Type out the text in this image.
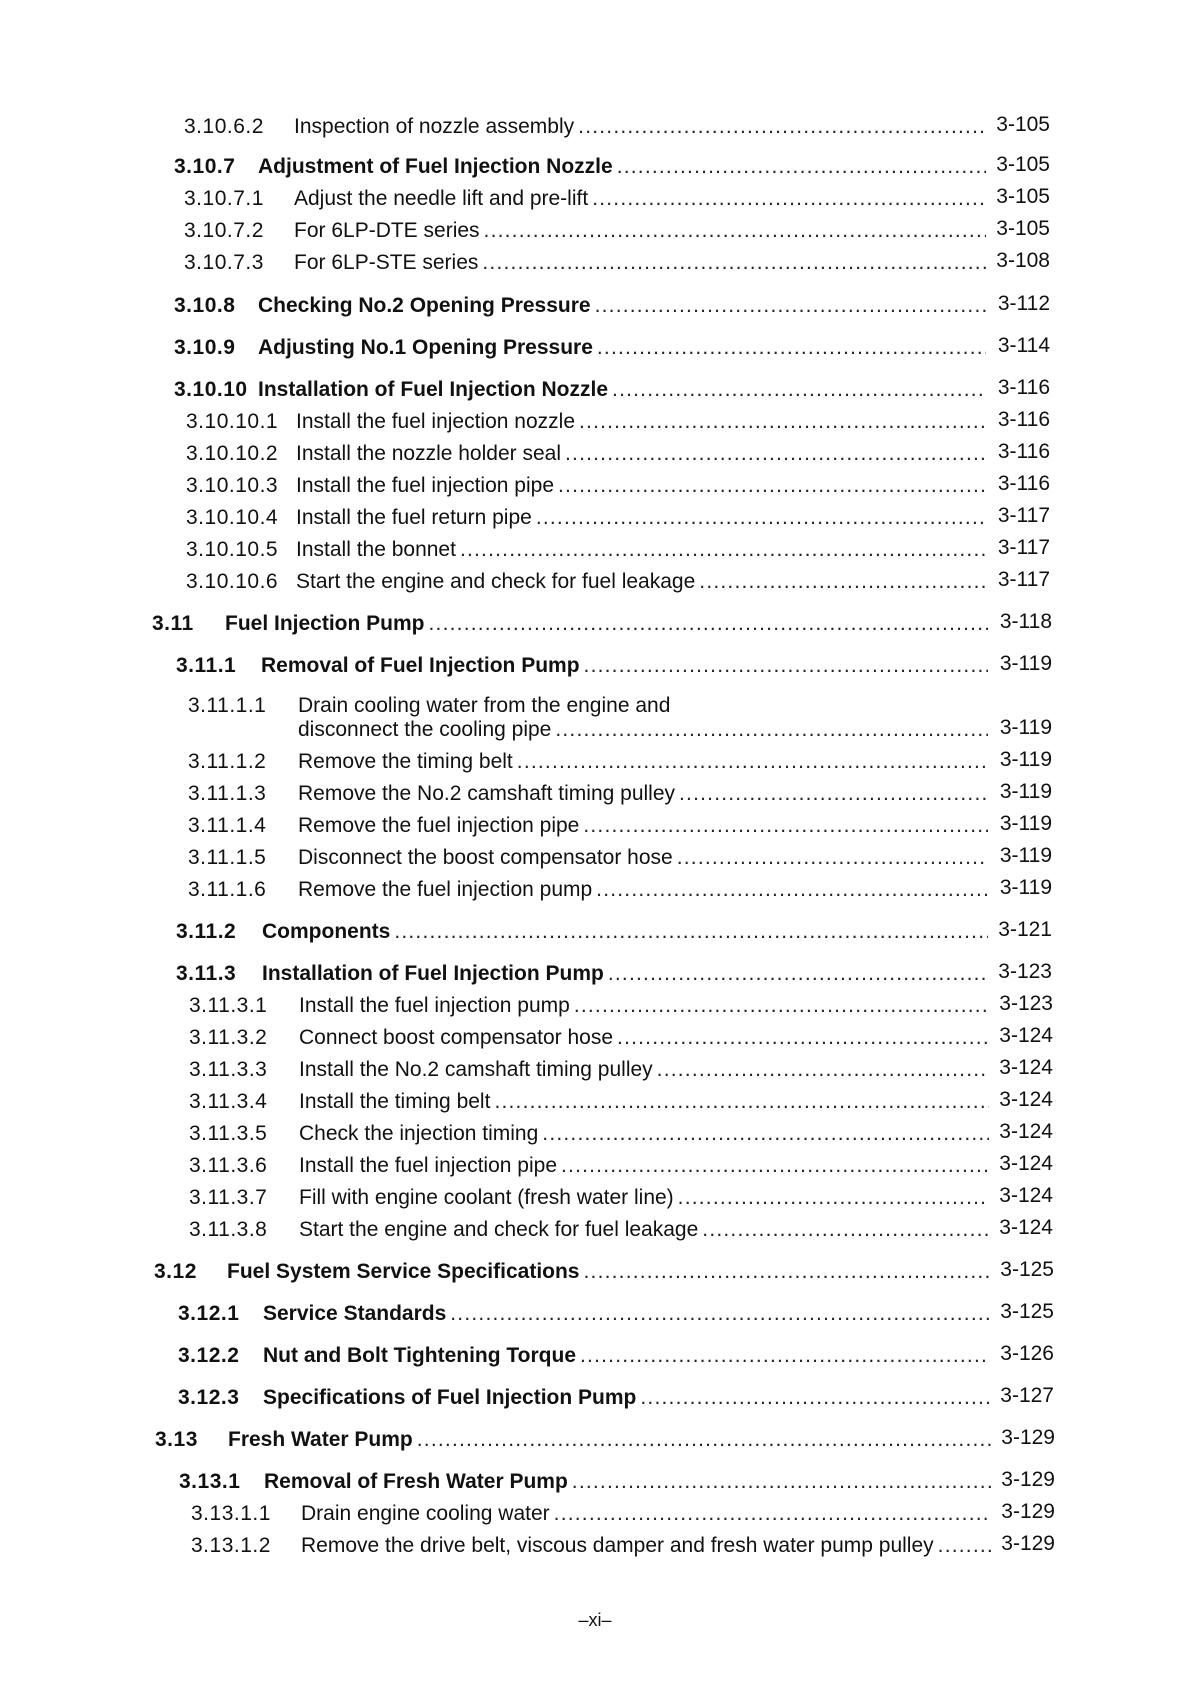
3.10.6.2 Inspection of nozzle assembly .....	3-105
3.10.7 Adjustment of Fuel Injection Nozzle .....	3-105
3.10.7.1 Adjust the needle lift and pre-lift .....	3-105
3.10.7.2 For 6LP-DTE series .....	3-105
3.10.7.3 For 6LP-STE series .....	3-108
3.10.8 Checking No.2 Opening Pressure .....	3-112
3.10.9 Adjusting No.1 Opening Pressure .....	3-114
3.10.10 Installation of Fuel Injection Nozzle .....	3-116
3.10.10.1 Install the fuel injection nozzle .....	3-116
3.10.10.2 Install the nozzle holder seal .....	3-116
3.10.10.3 Install the fuel injection pipe .....	3-116
3.10.10.4 Install the fuel return pipe .....	3-117
3.10.10.5 Install the bonnet .....	3-117
3.10.10.6 Start the engine and check for fuel leakage .....	3-117
3.11 Fuel Injection Pump .....	3-118
3.11.1 Removal of Fuel Injection Pump .....	3-119
3.11.1.1 Drain cooling water from the engine and
disconnect the cooling pipe .....	3-119
3.11.1.2 Remove the timing belt .....	3-119
3.11.1.3 Remove the No.2 camshaft timing pulley .....	3-119
3.11.1.4 Remove the fuel injection pipe .....	3-119
3.11.1.5 Disconnect the boost compensator hose .....	3-119
3.11.1.6 Remove the fuel injection pump .....	3-119
3.11.2 Components .....	3-121
3.11.3 Installation of Fuel Injection Pump .....	3-123
3.11.3.1 Install the fuel injection pump .....	3-123
3.11.3.2 Connect boost compensator hose .....	3-124
3.11.3.3 Install the No.2 camshaft timing pulley .....	3-124
3.11.3.4 Install the timing belt .....	3-124
3.11.3.5 Check the injection timing .....	3-124
3.11.3.6 Install the fuel injection pipe .....	3-124
3.11.3.7 Fill with engine coolant (fresh water line) .....	3-124
3.11.3.8 Start the engine and check for fuel leakage .....	3-124
3.12 Fuel System Service Specifications .....	3-125
3.12.1 Service Standards .....	3-125
3.12.2 Nut and Bolt Tightening Torque .....	3-126
3.12.3 Specifications of Fuel Injection Pump .....	3-127
3.13 Fresh Water Pump .....	3-129
3.13.1 Removal of Fresh Water Pump .....	3-129
3.13.1.1 Drain engine cooling water .....	3-129
3.13.1.2 Remove the drive belt, viscous damper and fresh water pump pulley .....	3-129
–xi–
